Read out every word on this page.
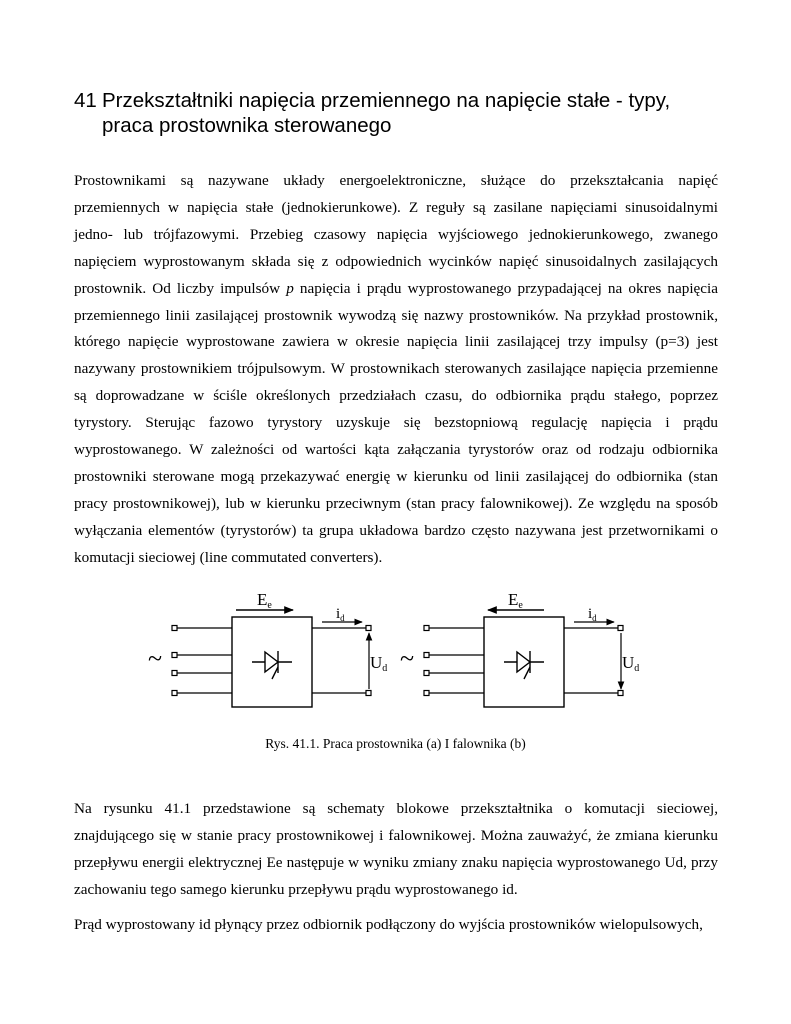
41 Przekształtniki napięcia przemiennego na napięcie stałe - typy,
praca prostownika sterowanego

Prostownikami są nazywane układy energoelektroniczne, służące do przekształcania napięć przemiennych w napięcia stałe (jednokierunkowe). Z reguły są zasilane napięciami sinusoidalnymi jedno- lub trójfazowymi. Przebieg czasowy napięcia wyjściowego jednokierunkowego, zwanego napięciem wyprostowanym składa się z odpowiednich wycinków napięć sinusoidalnych zasilających prostownik. Od liczby impulsów p napięcia i prądu wyprostowanego przypadającej na okres napięcia przemiennego linii zasilającej prostownik wywodzą się nazwy prostowników. Na przykład prostownik, którego napięcie wyprostowane zawiera w okresie napięcia linii zasilającej trzy impulsy (p=3) jest nazywany prostownikiem trójpulsowym. W prostownikach sterowanych zasilające napięcia przemienne są doprowadzane w ściśle określonych przedziałach czasu, do odbiornika prądu stałego, poprzez tyrystory. Sterując fazowo tyrystory uzyskuje się bezstopniową regulację napięcia i prądu wyprostowanego. W zależności od wartości kąta załączania tyrystorów oraz od rodzaju odbiornika prostowniki sterowane mogą przekazywać energię w kierunku od linii zasilającej do odbiornika (stan pracy prostownikowej), lub w kierunku przeciwnym (stan pracy falownikowej). Ze względu na sposób wyłączania elementów (tyrystorów) ta grupa układowa bardzo często nazywana jest przetwornikami o komutacji sieciowej (line commutated converters).

Ee
~
$i_d$
Ud
Ee
~
$i_d$
Ud

Rys. 41.1. Praca prostownika (a) I falownika (b)

Na rysunku 41.1 przedstawione są schematy blokowe przekształtnika o komutacji sieciowej, znajdującego się w stanie pracy prostownikowej i falownikowej. Można zauważyć, że zmiana kierunku przepływu energii elektrycznej Ee następuje w wyniku zmiany znaku napięcia wyprostowanego Ud, przy zachowaniu tego samego kierunku przepływu prądu wyprostowanego id.

Prąd wyprostowany id płynący przez odbiornik podłączony do wyjścia prostowników wielopulsowych,
